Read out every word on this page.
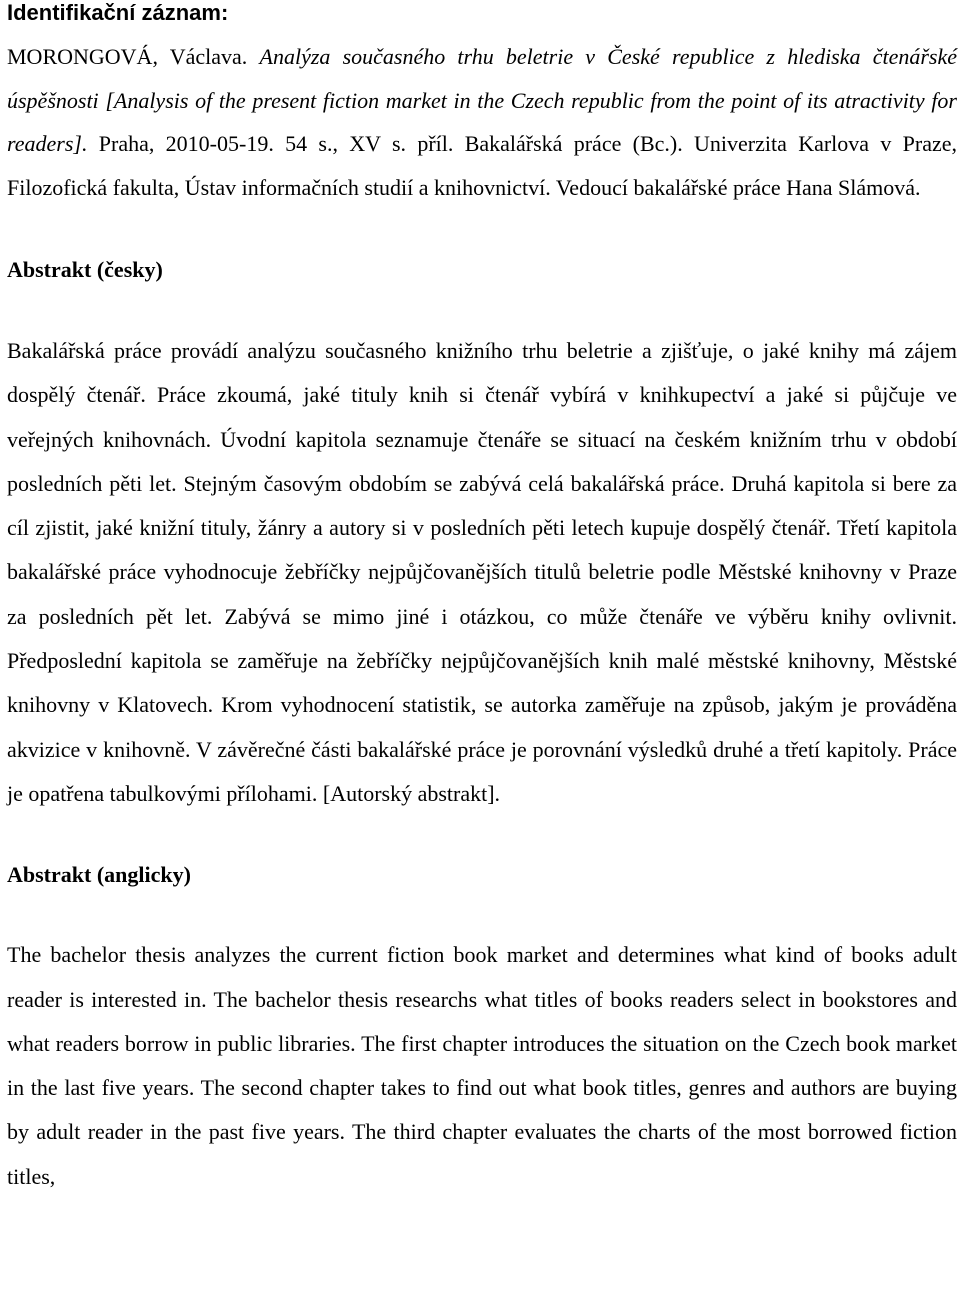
Identifikační záznam:

MORONGOVÁ, Václava. Analýza současného trhu beletrie v České republice z hlediska čtenářské úspěšnosti [Analysis of the present fiction market in the Czech republic from the point of its atractivity for readers]. Praha, 2010-05-19. 54 s., XV s. příl. Bakalářská práce (Bc.). Univerzita Karlova v Praze, Filozofická fakulta, Ústav informačních studií a knihovnictví. Vedoucí bakalářské práce Hana Slámová.

Abstrakt (česky)

Bakalářská práce provádí analýzu současného knižního trhu beletrie a zjišťuje, o jaké knihy má zájem dospělý čtenář. Práce zkoumá, jaké tituly knih si čtenář vybírá v knihkupectví a jaké si půjčuje ve veřejných knihovnách. Úvodní kapitola seznamuje čtenáře se situací na českém knižním trhu v období posledních pěti let. Stejným časovým obdobím se zabývá celá bakalářská práce. Druhá kapitola si bere za cíl zjistit, jaké knižní tituly, žánry a autory si v posledních pěti letech kupuje dospělý čtenář. Třetí kapitola bakalářské práce vyhodnocuje žebříčky nejpůjčovanějších titulů beletrie podle Městské knihovny v Praze za posledních pět let. Zabývá se mimo jiné i otázkou, co může čtenáře ve výběru knihy ovlivnit. Předposlední kapitola se zaměřuje na žebříčky nejpůjčovanějších knih malé městské knihovny, Městské knihovny v Klatovech. Krom vyhodnocení statistik, se autorka zaměřuje na způsob, jakým je prováděna akvizice v knihovně. V závěrečné části bakalářské práce je porovnání výsledků druhé a třetí kapitoly. Práce je opatřena tabulkovými přílohami. [Autorský abstrakt].

Abstrakt (anglicky)

The bachelor thesis analyzes the current fiction book market and determines what kind of books adult reader is interested in. The bachelor thesis researchs what titles of books readers select in bookstores and what readers borrow in public libraries. The first chapter introduces the situation on the Czech book market in the last five years. The second chapter takes to find out what book titles, genres and authors are buying by adult reader in the past five years. The third chapter evaluates the charts of the most borrowed fiction titles,
